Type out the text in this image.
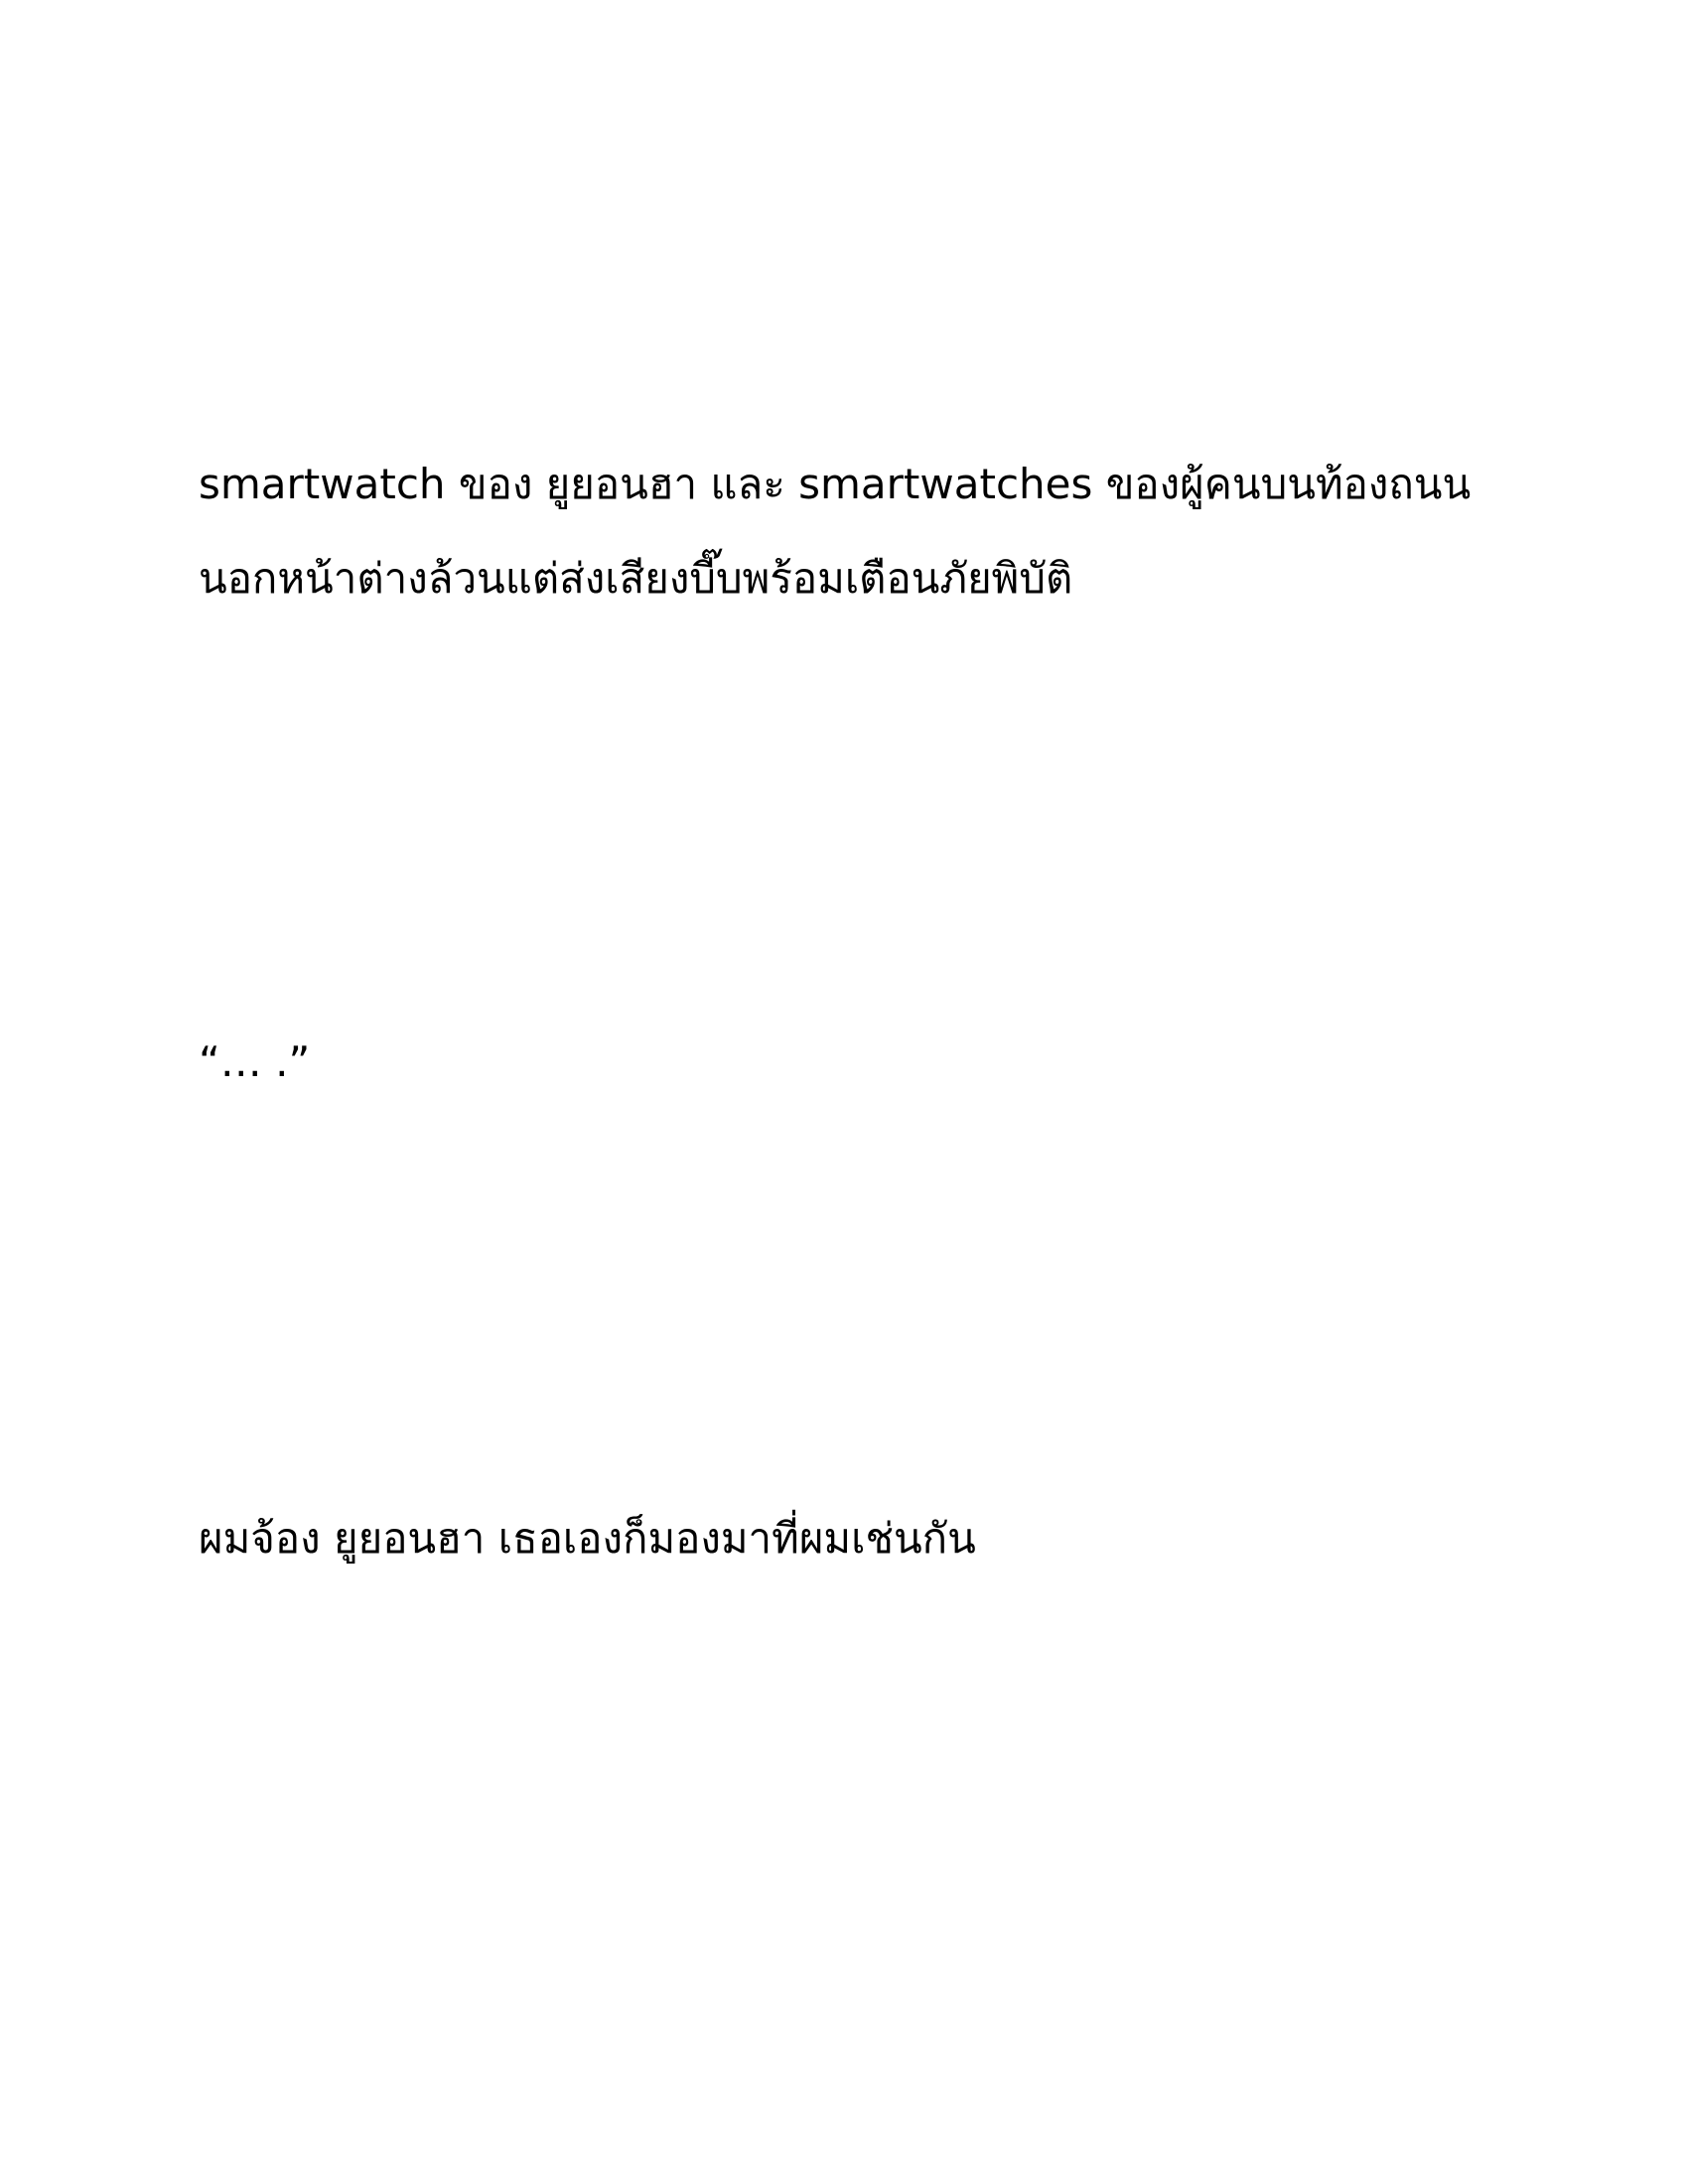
smartwatch ของ ยูยอนฮา และ smartwatches ของผู้คนบนท้องถนน
นอกหน้าต่างล้วนแต่ส่งเสียงบี๊บพร้อมเตือนภัยพิบัติ
“… .”
ผมจ้อง ยูยอนฮา เธอเองก็มองมาที่ผมเช่นกัน
